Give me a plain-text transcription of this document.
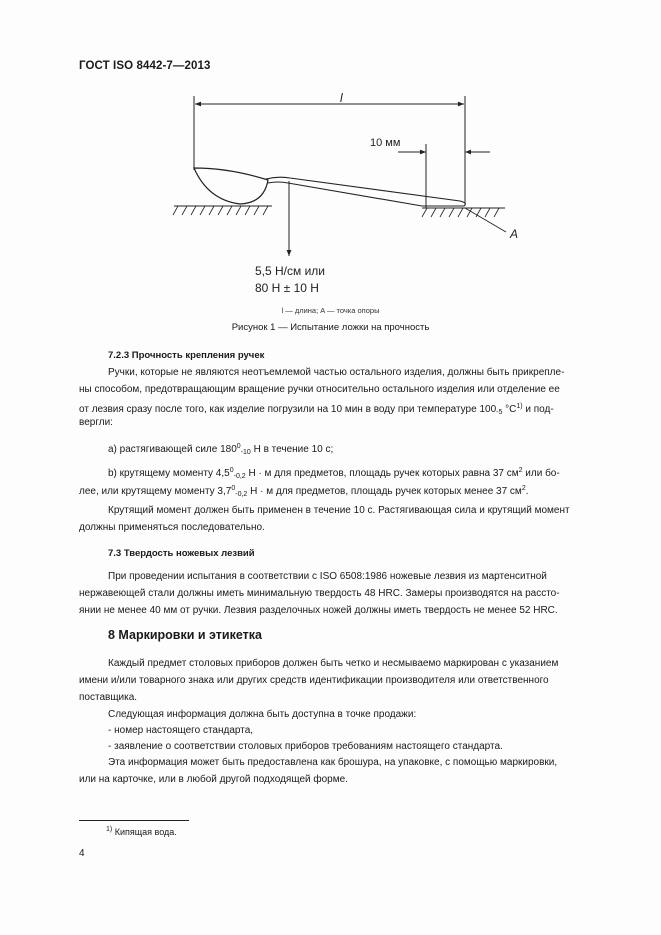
ГОСТ ISO 8442-7—2013
l
10 мм
A
5,5 Н/см или
80 Н ± 10 Н
l — длина; A — точка опоры
Рисунок 1 — Испытание ложки на прочность
7.2.3 Прочность крепления ручек
Ручки, которые не являются неотъемлемой частью остального изделия, должны быть прикрепле-
ны способом, предотвращающим вращение ручки относительно остального изделия или отделение ее
от лезвия сразу после того, как изделие погрузили на 10 мин в воду при температуре $100_{-5}$ $^\circ C^{1)}$ и под-
вергли:
а) растягивающей силе $180^0_{-10}$ Н в течение 10 с;
b) крутящему моменту $4,5^0_{-0,2}$ Н · м для предметов, площадь ручек которых равна 37 $см^2$ или бо-
лее, или крутящему моменту $3,7^0_{-0,2}$ Н · м для предметов, площадь ручек которых менее 37 $см^2$.
Крутящий момент должен быть применен в течение 10 с. Растягивающая сила и крутящий момент
должны применяться последовательно.
7.3 Твердость ножевых лезвий
При проведении испытания в соответствии с ISO 6508:1986 ножевые лезвия из мартенситной
нержавеющей стали должны иметь минимальную твердость 48 HRC. Замеры производятся на рассто-
янии не менее 40 мм от ручки. Лезвия разделочных ножей должны иметь твердость не менее 52 HRC.
8 Маркировки и этикетка
Каждый предмет столовых приборов должен быть четко и несмываемо маркирован с указанием
имени и/или товарного знака или других средств идентификации производителя или ответственного
поставщика.
Следующая информация должна быть доступна в точке продажи:
- номер настоящего стандарта,
- заявление о соответствии столовых приборов требованиям настоящего стандарта.
Эта информация может быть предоставлена как брошура, на упаковке, с помощью маркировки,
или на карточке, или в любой другой подходящей форме.
$^{1)}$ Кипящая вода.
4
